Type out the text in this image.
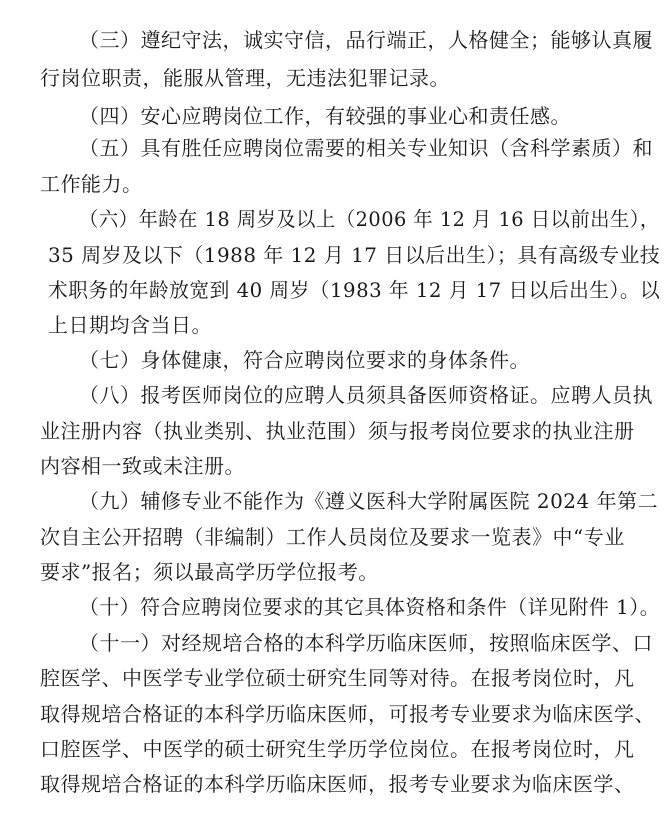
（三）遵纪守法，诚实守信，品行端正，人格健全；能够认真履
行岗位职责，能服从管理，无违法犯罪记录。
（四）安心应聘岗位工作，有较强的事业心和责任感。
（五）具有胜任应聘岗位需要的相关专业知识（含科学素质）和
工作能力。
（六）年龄在 18 周岁及以上（2006 年 12 月 16 日以前出生），
35 周岁及以下（1988 年 12 月 17 日以后出生）；具有高级专业技
术职务的年龄放宽到 40 周岁（1983 年 12 月 17 日以后出生）。以
上日期均含当日。
（七）身体健康，符合应聘岗位要求的身体条件。
（八）报考医师岗位的应聘人员须具备医师资格证。应聘人员执
业注册内容（执业类别、执业范围）须与报考岗位要求的执业注册
内容相一致或未注册。
（九）辅修专业不能作为《遵义医科大学附属医院 2024 年第二
次自主公开招聘（非编制）工作人员岗位及要求一览表》中“专业
要求”报名；须以最高学历学位报考。
（十）符合应聘岗位要求的其它具体资格和条件（详见附件 1）。
（十一）对经规培合格的本科学历临床医师，按照临床医学、口
腔医学、中医学专业学位硕士研究生同等对待。在报考岗位时，凡
取得规培合格证的本科学历临床医师，可报考专业要求为临床医学、
口腔医学、中医学的硕士研究生学历学位岗位。在报考岗位时，凡
取得规培合格证的本科学历临床医师，报考专业要求为临床医学、
